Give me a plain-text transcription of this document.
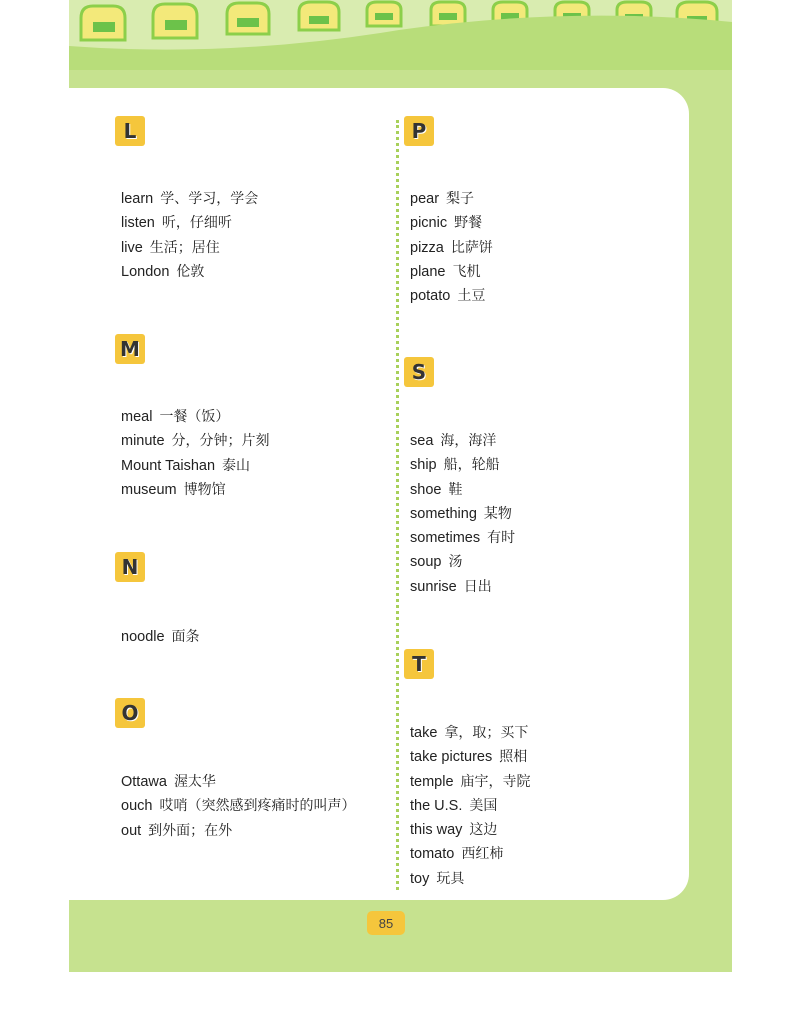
L
learn 学、学习，学会
listen 听，仔细听
live 生活；居住
London 伦敦
M
meal 一餐（饭）
minute 分，分钟；片刻
Mount Taishan 泰山
museum 博物馆
N
noodle 面条
O
Ottawa 渥太华
ouch 哎哨（突然感到疼痛时的叫声）
out 到外面；在外
P
pear 梨子
picnic 野餐
pizza 比萨饼
plane 飞机
potato 土豆
S
sea 海，海洋
ship 船，轮船
shoe 鞋
something 某物
sometimes 有时
soup 汤
sunrise 日出
T
take 拿，取；买下
take pictures 照相
temple 庙宇，寺院
the U.S. 美国
this way 这边
tomato 西红柿
toy 玩具
85
